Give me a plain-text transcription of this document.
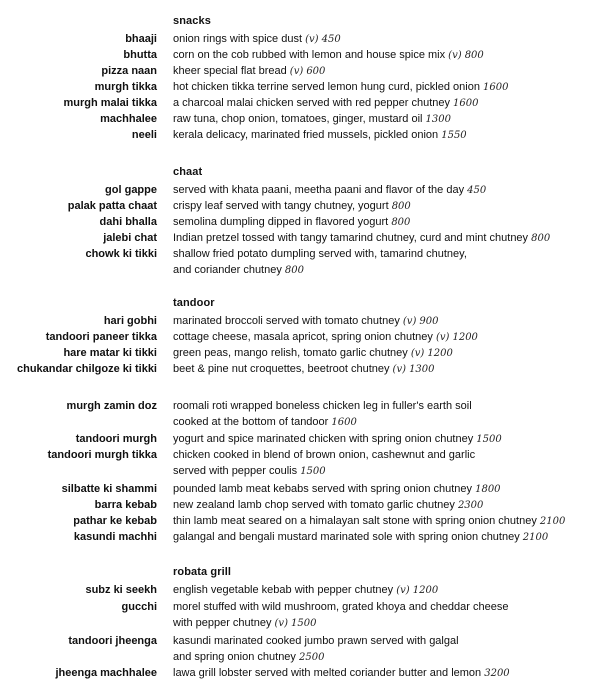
snacks
bhaaji onion rings with spice dust (v) 450
bhutta corn on the cob rubbed with lemon and house spice mix (v) 800
pizza naan kheer special flat bread (v) 600
murgh tikka hot chicken tikka terrine served lemon hung curd, pickled onion 1600
murgh malai tikka a charcoal malai chicken served with red pepper chutney 1600
machhalee raw tuna, chop onion, tomatoes, ginger, mustard oil 1300
neeli kerala delicacy, marinated fried mussels, pickled onion 1550
chaat
gol gappe served with khata paani, meetha paani and flavor of the day 450
palak patta chaat crispy leaf served with tangy chutney, yogurt 800
dahi bhalla semolina dumpling dipped in flavored yogurt 800
jalebi chat Indian pretzel tossed with tangy tamarind chutney, curd and mint chutney 800
chowk ki tikki shallow fried potato dumpling served with, tamarind chutney,
and coriander chutney 800
tandoor
hari gobhi marinated broccoli served with tomato chutney (v) 900
tandoori paneer tikka cottage cheese, masala apricot, spring onion chutney (v) 1200
hare matar ki tikki green peas, mango relish, tomato garlic chutney (v) 1200
chukandar chilgoze ki tikki beet & pine nut croquettes, beetroot chutney (v) 1300
murgh zamin doz roomali roti wrapped boneless chicken leg in fuller's earth soil
cooked at the bottom of tandoor 1600
tandoori murgh yogurt and spice marinated chicken with spring onion chutney 1500
tandoori murgh tikka chicken cooked in blend of brown onion, cashewnut and garlic
served with pepper coulis 1500
silbatte ki shammi pounded lamb meat kebabs served with spring onion chutney 1800
barra kebab new zealand lamb chop served with tomato garlic chutney 2300
pathar ke kebab thin lamb meat seared on a himalayan salt stone with spring onion chutney 2100
kasundi machhi galangal and bengali mustard marinated sole with spring onion chutney 2100
robata grill
subz ki seekh english vegetable kebab with pepper chutney (v) 1200
gucchi morel stuffed with wild mushroom, grated khoya and cheddar cheese
with pepper chutney (v) 1500
tandoori jheenga kasundi marinated cooked jumbo prawn served with galgal
and spring onion chutney 2500
jheenga machhalee lawa grill lobster served with melted coriander butter and lemon 3200
